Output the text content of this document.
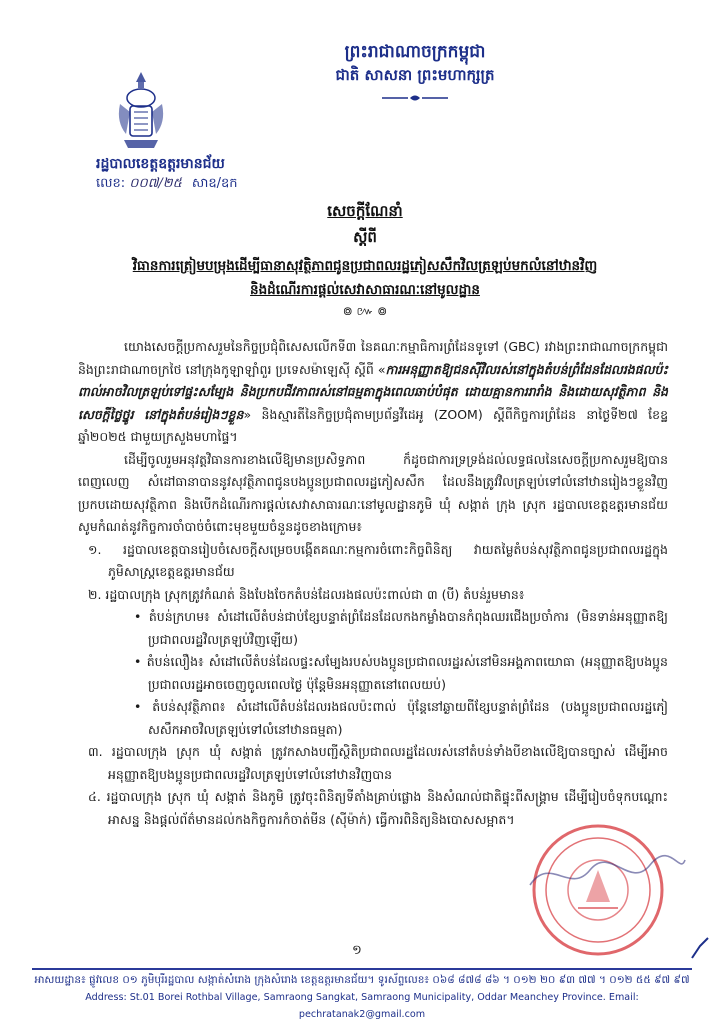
ព្រះរាជាណាចក្រកម្ពុជា
ជាតិ សាសនា ព្រះមហាក្សត្រ
រដ្ឋបាលខេត្តឧត្តរមានជ័យ
លេខ: ០០៧/២៥ សាឧ/ឧក
សេចក្តីណែនាំ
ស្តីពី
វិធានការត្រៀមបម្រុងដើម្បីធានាសុវត្ថិភាពជូនប្រជាពលរដ្ឋភៀសសឹកវិលត្រឡប់មកលំនៅឋានវិញ
និងដំណើរការផ្តល់សេវាសាធារណៈនៅមូលដ្ឋាន
៙ ៚ ៙

យោងសេចក្តីប្រកាសរួមនៃកិច្ចប្រជុំពិសេសលើកទី៣ នៃគណៈកម្មាធិការព្រំដែនទូទៅ (GBC) រវាងព្រះរាជាណាចក្រកម្ពុជា និងព្រះរាជាណាចក្រថៃ នៅក្រុងកូឡាឡាំពួរ ប្រទេសម៉ាឡេស៊ី ស្តីពី «ការអនុញ្ញាតឱ្យជនស៊ីវិលរស់នៅក្នុងតំបន់ព្រំដែនដែលរងផលប៉ះពាល់អាចវិលត្រឡប់ទៅផ្ទះសម្បែង និងប្រកបជីវភាពរស់នៅធម្មតាក្នុងពេលឆាប់បំផុត ដោយគ្មានការរារាំង និងដោយសុវត្ថិភាព និងសេចក្តីថ្លៃថ្នូរ នៅក្នុងតំបន់រៀងៗខ្លួន» និងស្មារតីនៃកិច្ចប្រជុំតាមប្រព័ន្ធវីដេអូ (ZOOM) ស្តីពីកិច្ចការព្រំដែន នាថ្ងៃទី២៧ ខែឧ្ឋ ឆ្នាំ២០២៥ ជាមួយក្រសួងមហាផ្ទៃ។

ដើម្បីចូលរួមអនុវត្តវិធានការខាងលើឱ្យមានប្រសិទ្ធភាព ក៏ដូចជាការទ្រទ្រង់ដល់លទ្ធផលនៃសេចក្តីប្រកាសរួមឱ្យបានពេញលេញ សំដៅធានាបាននូវសុវត្ថិភាពជូនបងប្អូនប្រជាពលរដ្ឋភៀសសឹក ដែលនឹងត្រូវវិលត្រឡប់ទៅលំនៅឋានរៀងៗខ្លួនវិញប្រកបដោយសុវត្ថិភាព និងបើកដំណើរការផ្តល់សេវាសាធារណៈនៅមូលដ្ឋានភូមិ ឃុំ សង្កាត់ ក្រុង ស្រុក រដ្ឋបាលខេត្តឧត្តរមានជ័យសូមកំណត់នូវកិច្ចការចាំបាច់ចំពោះមុខមួយចំនួនដូចខាងក្រោម៖

១. រដ្ឋបាលខេត្តបានរៀបចំសេចក្តីសម្រេចបង្កើតគណៈកម្មការចំពោះកិច្ចពិនិត្យ វាយតម្លៃតំបន់សុវត្ថិភាពជូនប្រជាពលរដ្ឋក្នុងភូមិសាស្ត្រខេត្តឧត្តរមានជ័យ

២. រដ្ឋបាលក្រុង ស្រុកត្រូវកំណត់ និងបែងចែកតំបន់ដែលរងផលប៉ះពាល់ជា ៣ (បី) តំបន់រួមមាន៖

• តំបន់ក្រហម៖ សំដៅលើតំបន់ជាប់ខ្សែបន្ទាត់ព្រំដែនដែលកងកម្លាំងបានកំពុងឈរជើងប្រចាំការ (មិនទាន់អនុញ្ញាតឱ្យប្រជាពលរដ្ឋវិលត្រឡប់វិញឡើយ)

• តំបន់លឿង៖ សំដៅលើតំបន់ដែលផ្ទះសម្បែងរបស់បងប្អូនប្រជាពលរដ្ឋរស់នៅមិនអង្គភាពយោធា (អនុញ្ញាតឱ្យបងប្អូនប្រជាពលរដ្ឋអាចចេញចូលពេលថ្ងៃ ប៉ុន្តែមិនអនុញ្ញាតនៅពេលយប់)

• តំបន់សុវត្ថិភាព៖ សំដៅលើតំបន់ដែលរងផលប៉ះពាល់ ប៉ុន្តែនៅឆ្ងាយពីខ្សែបន្ទាត់ព្រំដែន (បងប្អូនប្រជាពលរដ្ឋភៀសសឹកអាចវិលត្រឡប់ទៅលំនៅឋានធម្មតា)

៣. រដ្ឋបាលក្រុង ស្រុក ឃុំ សង្កាត់ ត្រូវកសាងបញ្ជីស្ថិតិប្រជាពលរដ្ឋដែលរស់នៅតំបន់ទាំងបីខាងលើឱ្យបានច្បាស់ ដើម្បីអាចអនុញ្ញាតឱ្យបងប្អូនប្រជាពលរដ្ឋវិលត្រឡប់ទៅលំនៅឋានវិញបាន

៤. រដ្ឋបាលក្រុង ស្រុក ឃុំ សង្កាត់ និងភូមិ ត្រូវចុះពិនិត្យទីតាំងគ្រាប់ផ្លោង និងសំណល់ជាតិផ្ទុះពីសង្គ្រាម ដើម្បីរៀបចំទុកបណ្តោះអាសន្ន និងផ្តល់ព័ត៌មានដល់កងកិច្ចការកំចាត់មីន (ស៊ីម៉ាក់) ធ្វើការពិនិត្យនិងបោសសម្អាត។

១
អាសយដ្ឋាន៖ ផ្លូវលេខ ០១ ភូមិបុរីរដ្ឋបាល សង្កាត់សំរោង ក្រុងសំរោង ខេត្តឧត្តរមានជ័យ។ ទូរស័ព្ទលេខ៖ ០៦៨ ៨៧៨ ៨៦ ។ ០១២ ២០ ៩៣ ៧៧ ។ ០១២ ៥៥ ៩៧ ៩៧
Address: St.01 Borei Rothbal Village, Samraong Sangkat, Samraong Municipality, Oddar Meanchey Province. Email: pechratanak2@gmail.com
